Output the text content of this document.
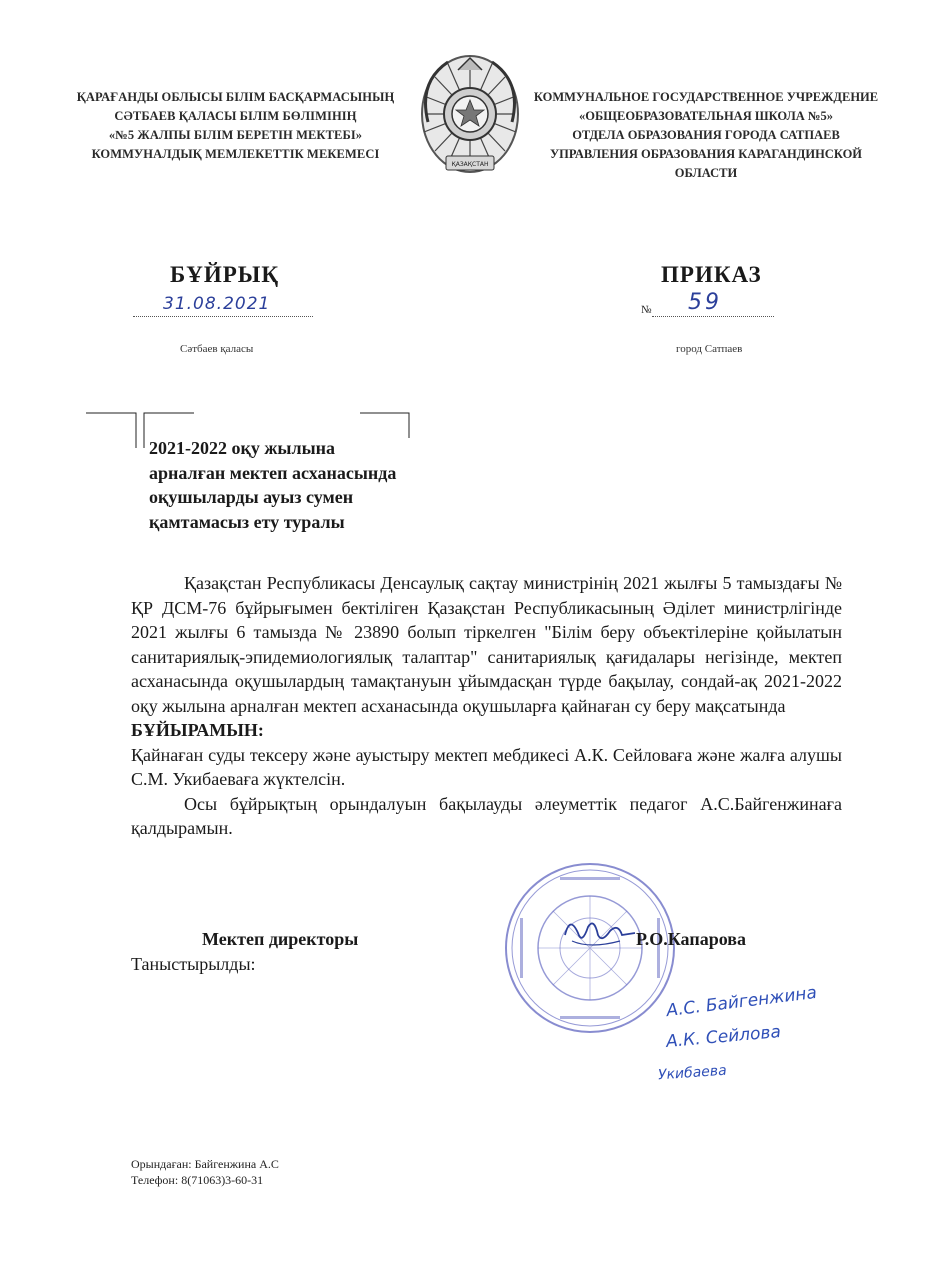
ҚАРАҒАНДЫ ОБЛЫСЫ БІЛІМ БАСҚАРМАСЫНЫҢ
СӘТБАЕВ ҚАЛАСЫ БІЛІМ БӨЛІМІНІҢ
«№5 ЖАЛПЫ БІЛІМ БЕРЕТІН МЕКТЕБІ»
КОММУНАЛДЫҚ МЕМЛЕКЕТТІК МЕКЕМЕСІ
ҚАЗАҚСТАН
КОММУНАЛЬНОЕ ГОСУДАРСТВЕННОЕ УЧРЕЖДЕНИЕ
«ОБЩЕОБРАЗОВАТЕЛЬНАЯ ШКОЛА №5»
ОТДЕЛА ОБРАЗОВАНИЯ ГОРОДА САТПАЕВ
УПРАВЛЕНИЯ ОБРАЗОВАНИЯ КАРАГАНДИНСКОЙ
ОБЛАСТИ
БҰЙРЫҚ	ПРИКАЗ
31.08.2021	№ 59
Сәтбаев қаласы	город Сатпаев
2021-2022 оқу жылына
арналған мектеп асханасында
оқушыларды ауыз сумен
қамтамасыз ету туралы

Қазақстан Республикасы Денсаулық сақтау министрінің 2021 жылғы 5 тамыздағы № ҚР ДСМ-76 бұйрығымен бектіліген Қазақстан Республикасының Әділет министрлігінде 2021 жылғы 6 тамызда № 23890 болып тіркелген "Білім беру объектілеріне қойылатын санитариялық-эпидемиологиялық талаптар" санитариялық қағидалары негізінде, мектеп асханасында оқушылардың тамақтануын ұйымдасқан түрде бақылау, сондай-ақ 2021-2022 оқу жылына арналған мектеп асханасында оқушыларға қайнаған су беру мақсатында

БҰЙЫРАМЫН:

Қайнаған суды тексеру және ауыстыру мектеп мебдикесі А.К. Сейловаға және жалға алушы С.М. Укибаеваға жүктелсін.

Осы бұйрықтың орындалуын бақылауды әлеуметтік педагог А.С.Байгенжинаға қалдырамын.

Мектеп директоры	Р.О.Капарова
Таныстырылды:
А.С. Байгенжина
А.К. Сейлова
Укибаева
Орындаған: Байгенжина А.С
Телефон: 8(71063)3-60-31
